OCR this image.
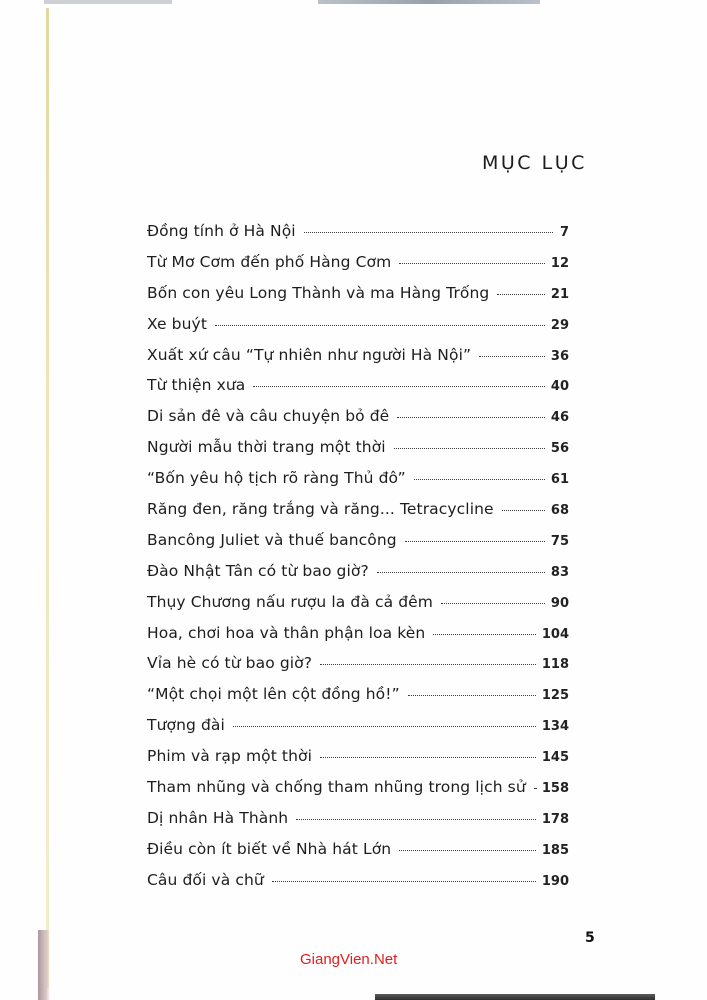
MỤC LỤC
Đồng tính ở Hà Nội	7
Từ Mơ Cơm đến phố Hàng Cơm	12
Bốn con yêu Long Thành và ma Hàng Trống	21
Xe buýt	29
Xuất xứ câu “Tự nhiên như người Hà Nội”	36
Từ thiện xưa	40
Di sản đê và câu chuyện bỏ đê	46
Người mẫu thời trang một thời	56
“Bốn yêu hộ tịch rõ ràng Thủ đô”	61
Răng đen, răng trắng và răng... Tetracycline	68
Bancông Juliet và thuế bancông	75
Đào Nhật Tân có từ bao giờ?	83
Thụy Chương nấu rượu la đà cả đêm	90
Hoa, chơi hoa và thân phận loa kèn	104
Vỉa hè có từ bao giờ?	118
“Một chọi một lên cột đồng hồ!”	125
Tượng đài	134
Phim và rạp một thời	145
Tham nhũng và chống tham nhũng trong lịch sử 158
Dị nhân Hà Thành	178
Điều còn ít biết về Nhà hát Lớn	185
Câu đối và chữ	190
5
GiangVien.Net
